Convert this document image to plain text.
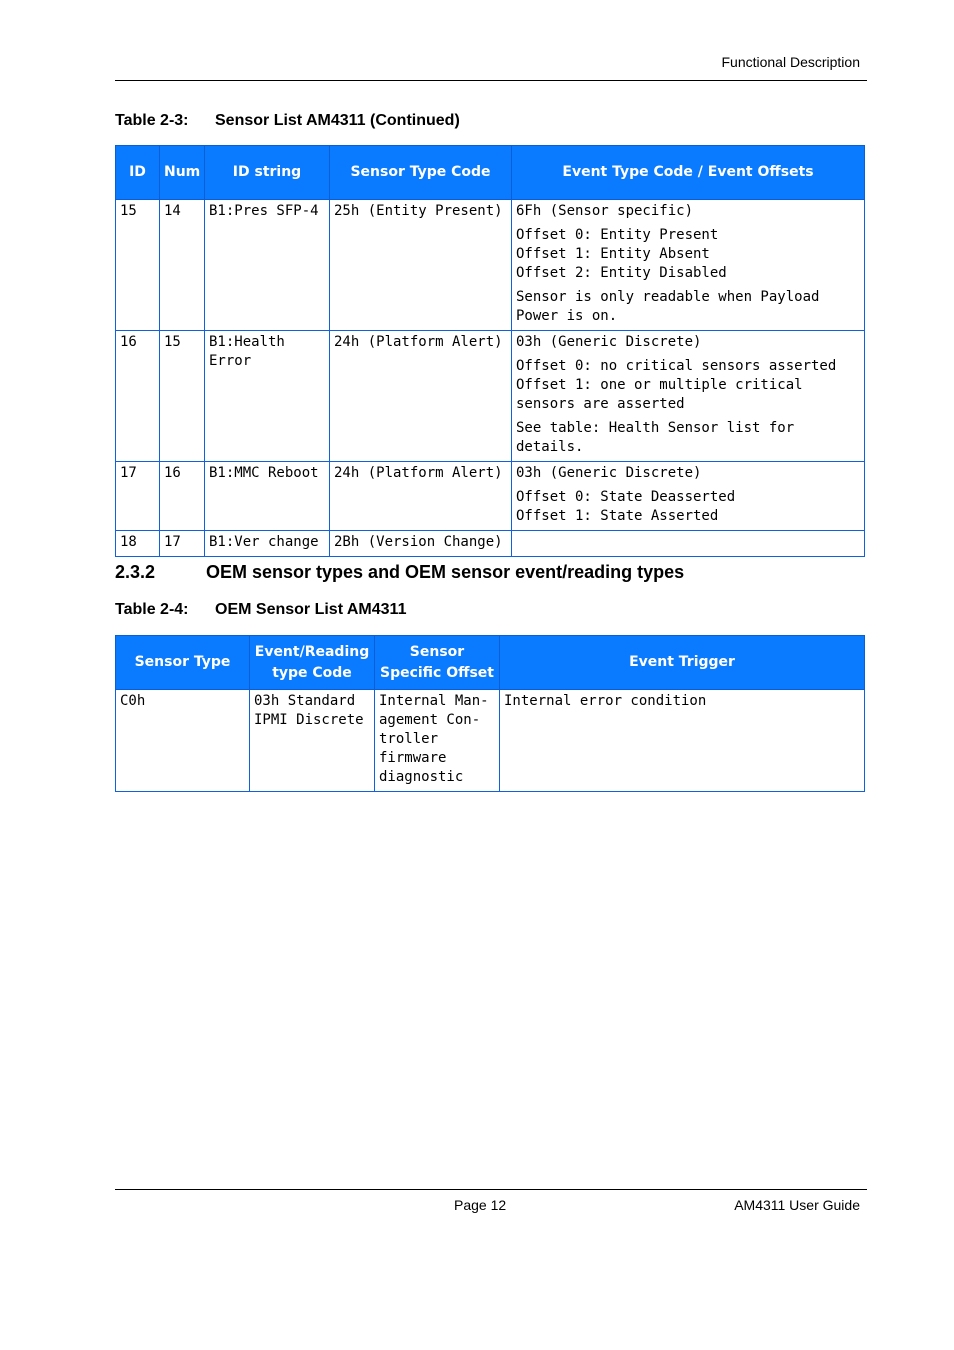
Functional Description
Table 2-3: Sensor List AM4311 (Continued)
ID	Num	ID string	Sensor Type Code	Event Type Code / Event Offsets
15	14	B1:Pres SFP-4	25h (Entity Present)	6Fh (Sensor specific)

Offset 0: Entity Present

Offset 1: Entity Absent

Offset 2: Entity Disabled

Sensor is only readable when Payload Power is on.

16	15	B1:Health Error	24h (Platform Alert)	03h (Generic Discrete)

Offset 0: no critical sensors asserted

Offset 1: one or multiple critical sensors are asserted

See table: Health Sensor list for details.

17	16	B1:MMC Reboot	24h (Platform Alert)	03h (Generic Discrete)

Offset 0: State Deasserted

Offset 1: State Asserted

18	17	B1:Ver change	2Bh (Version Change)	
2.3.2	OEM sensor types and OEM sensor event/reading types
Table 2-4: OEM Sensor List AM4311
Sensor Type	Event/Reading type Code	Sensor Specific Offset	Event Trigger
C0h	03h Standard IPMI Discrete	Internal Man-agement Con-troller firmware diagnostic	Internal error condition
Page 12	AM4311 User Guide
